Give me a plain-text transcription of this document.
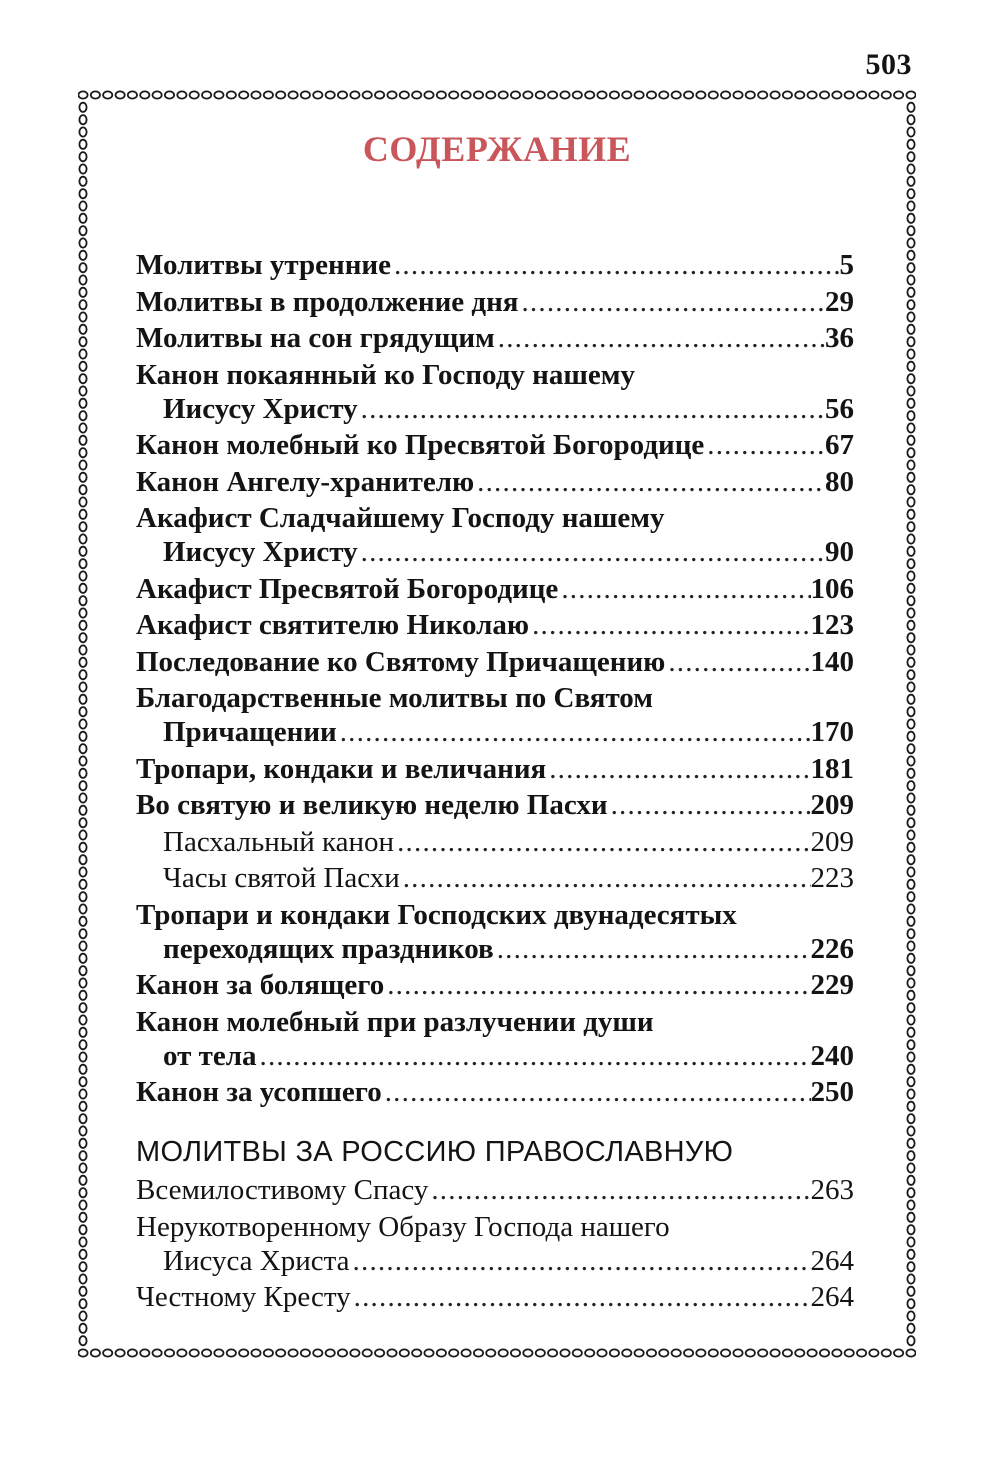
503
СОДЕРЖАНИЕ
Молитвы утренние .....	5
Молитвы в продолжение дня .....	29
Молитвы на сон грядущим .....	36
Канон покаянный ко Господу нашему
Иисусу Христу .....	56
Канон молебный ко Пресвятой Богородице .....	67
Канон Ангелу-хранителю .....	80
Акафист Сладчайшему Господу нашему
Иисусу Христу .....	90
Акафист Пресвятой Богородице .....	106
Акафист святителю Николаю .....	123
Последование ко Святому Причащению .....	140
Благодарственные молитвы по Святом
Причащении .....	170
Тропари, кондаки и величания .....	181
Во святую и великую неделю Пасхи .....	209
Пасхальный канон .....	209
Часы святой Пасхи .....	223
Тропари и кондаки Господских двунадесятых
переходящих праздников .....	226
Канон за болящего .....	229
Канон молебный при разлучении души
от тела .....	240
Канон за усопшего .....	250
МОЛИТВЫ ЗА РОССИЮ ПРАВОСЛАВНУЮ
Всемилостивому Спасу .....	263
Нерукотворенному Образу Господа нашего
Иисуса Христа .....	264
Честному Кресту .....	264
